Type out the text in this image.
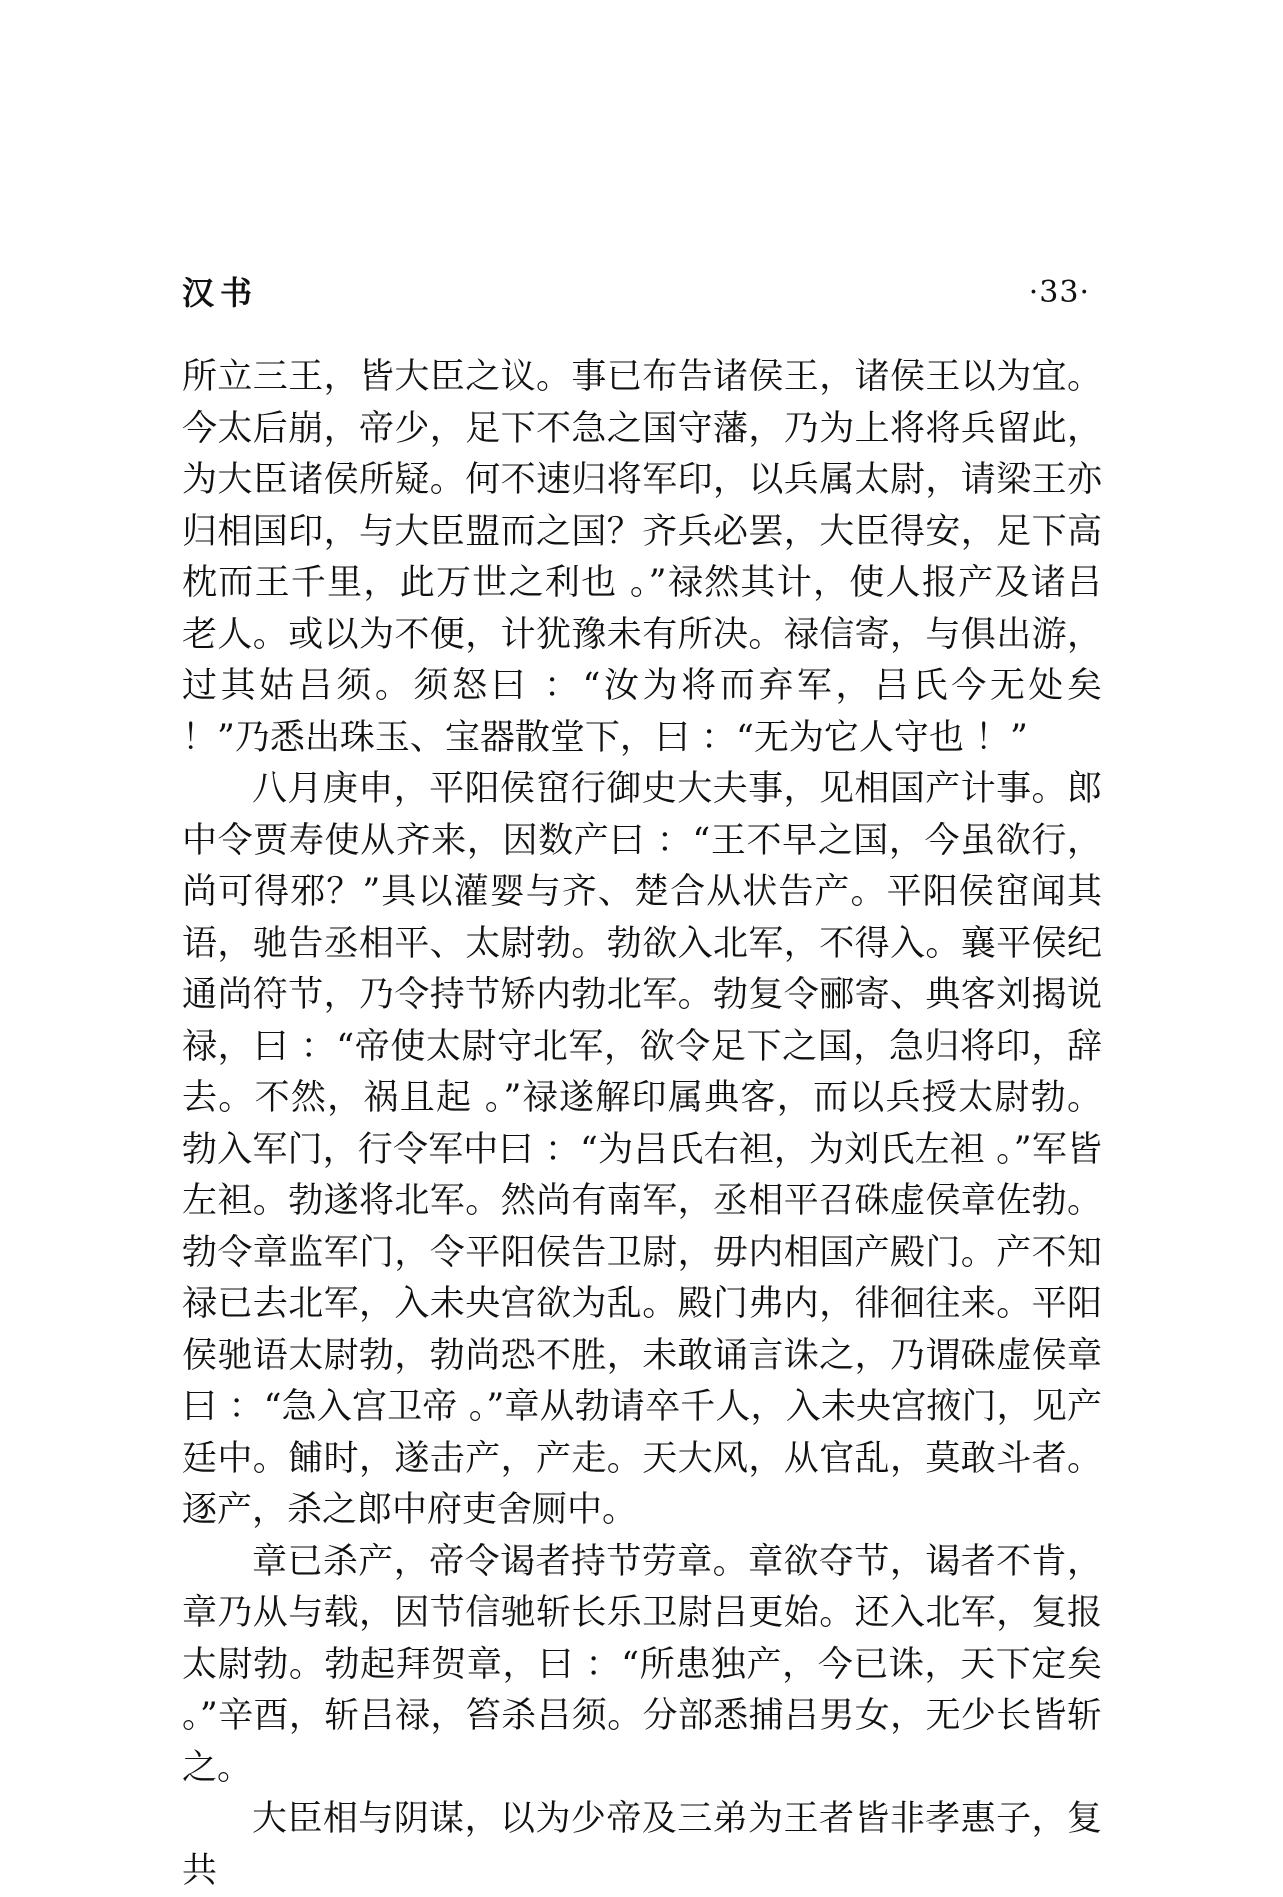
汉书	·33·

所立三王，皆大臣之议。事已布告诸侯王，诸侯王以为宜。今太后崩，帝少，足下不急之国守藩，乃为上将将兵留此，为大臣诸侯所疑。何不速归将军印，以兵属太尉，请梁王亦归相国印，与大臣盟而之国？齐兵必罢，大臣得安，足下高枕而王千里，此万世之利也 。”禄然其计，使人报产及诸吕老人。或以为不便，计犹豫未有所决。禄信寄，与俱出游，过其姑吕须。须怒曰 ：“汝为将而弃军，吕氏今无处矣 ！”乃悉出珠玉、宝器散堂下，曰 ：“无为它人守也 ！”

八月庚申，平阳侯窋行御史大夫事，见相国产计事。郎中令贾寿使从齐来，因数产曰 ：“王不早之国，今虽欲行，尚可得邪？”具以灌婴与齐、楚合从状告产。平阳侯窋闻其语，驰告丞相平、太尉勃。勃欲入北军，不得入。襄平侯纪通尚符节，乃令持节矫内勃北军。勃复令郦寄、典客刘揭说禄，曰 ：“帝使太尉守北军，欲令足下之国，急归将印，辞去。不然，祸且起 。”禄遂解印属典客，而以兵授太尉勃。勃入军门，行令军中曰 ：“为吕氏右袒，为刘氏左袒 。”军皆左袒。勃遂将北军。然尚有南军，丞相平召硃虚侯章佐勃。勃令章监军门，令平阳侯告卫尉，毋内相国产殿门。产不知禄已去北军，入未央宫欲为乱。殿门弗内，徘徊往来。平阳侯驰语太尉勃，勃尚恐不胜，未敢诵言诛之，乃谓硃虚侯章曰 ：“急入宫卫帝 。”章从勃请卒千人，入未央宫掖门，见产廷中。餔时，遂击产，产走。天大风，从官乱，莫敢斗者。逐产，杀之郎中府吏舍厕中。

章已杀产，帝令谒者持节劳章。章欲夺节，谒者不肯，章乃从与载，因节信驰斩长乐卫尉吕更始。还入北军，复报太尉勃。勃起拜贺章，曰 ：“所患独产，今已诛，天下定矣 。”辛酉，斩吕禄，笞杀吕须。分部悉捕吕男女，无少长皆斩之。

大臣相与阴谋，以为少帝及三弟为王者皆非孝惠子，复共
